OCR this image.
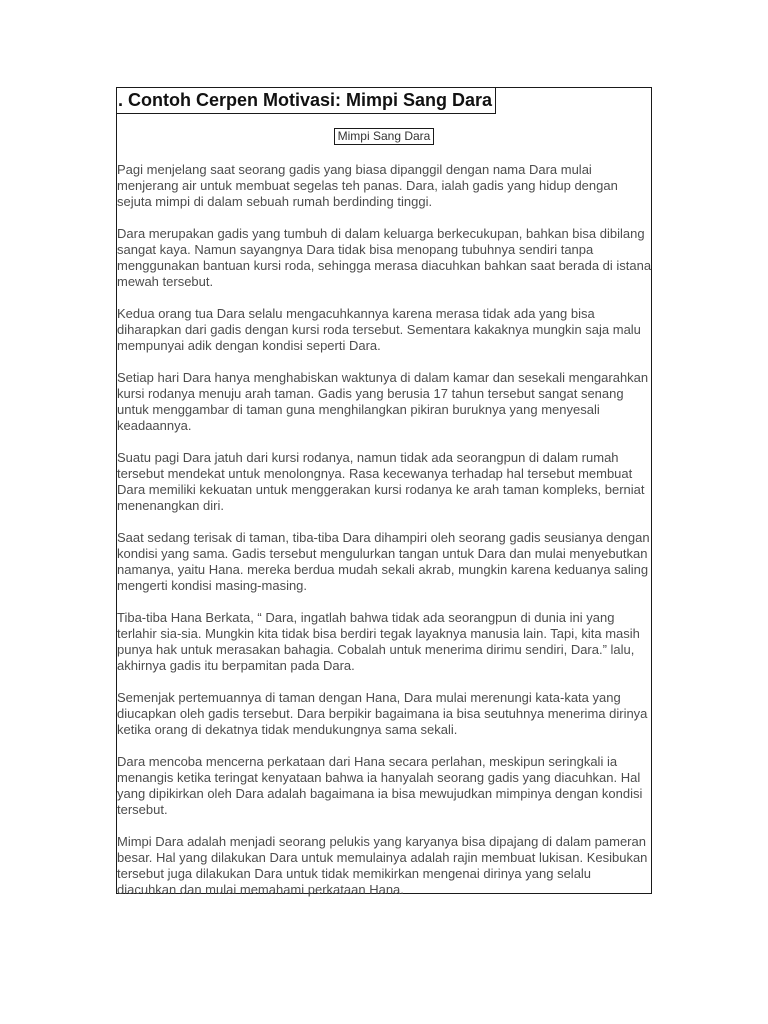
. Contoh Cerpen Motivasi: Mimpi Sang Dara
Mimpi Sang Dara

Pagi menjelang saat seorang gadis yang biasa dipanggil dengan nama Dara mulai menjerang air untuk membuat segelas teh panas. Dara, ialah gadis yang hidup dengan sejuta mimpi di dalam sebuah rumah berdinding tinggi.

Dara merupakan gadis yang tumbuh di dalam keluarga berkecukupan, bahkan bisa dibilang sangat kaya. Namun sayangnya Dara tidak bisa menopang tubuhnya sendiri tanpa menggunakan bantuan kursi roda, sehingga merasa diacuhkan bahkan saat berada di istana mewah tersebut.

Kedua orang tua Dara selalu mengacuhkannya karena merasa tidak ada yang bisa diharapkan dari gadis dengan kursi roda tersebut. Sementara kakaknya mungkin saja malu mempunyai adik dengan kondisi seperti Dara.

Setiap hari Dara hanya menghabiskan waktunya di dalam kamar dan sesekali mengarahkan kursi rodanya menuju arah taman. Gadis yang berusia 17 tahun tersebut sangat senang untuk menggambar di taman guna menghilangkan pikiran buruknya yang menyesali keadaannya.

Suatu pagi Dara jatuh dari kursi rodanya, namun tidak ada seorangpun di dalam rumah tersebut mendekat untuk menolongnya. Rasa kecewanya terhadap hal tersebut membuat Dara memiliki kekuatan untuk menggerakan kursi rodanya ke arah taman kompleks, berniat menenangkan diri.

Saat sedang terisak di taman, tiba-tiba Dara dihampiri oleh seorang gadis seusianya dengan kondisi yang sama. Gadis tersebut mengulurkan tangan untuk Dara dan mulai menyebutkan namanya, yaitu Hana. mereka berdua mudah sekali akrab, mungkin karena keduanya saling mengerti kondisi masing-masing.

Tiba-tiba Hana Berkata, “ Dara, ingatlah bahwa tidak ada seorangpun di dunia ini yang terlahir sia-sia. Mungkin kita tidak bisa berdiri tegak layaknya manusia lain. Tapi, kita masih punya hak untuk merasakan bahagia. Cobalah untuk menerima dirimu sendiri, Dara.” lalu, akhirnya gadis itu berpamitan pada Dara.

Semenjak pertemuannya di taman dengan Hana, Dara mulai merenungi kata-kata yang diucapkan oleh gadis tersebut. Dara berpikir bagaimana ia bisa seutuhnya menerima dirinya ketika orang di dekatnya tidak mendukungnya sama sekali.

Dara mencoba mencerna perkataan dari Hana secara perlahan, meskipun seringkali ia menangis ketika teringat kenyataan bahwa ia hanyalah seorang gadis yang diacuhkan. Hal yang dipikirkan oleh Dara adalah bagaimana ia bisa mewujudkan mimpinya dengan kondisi tersebut.

Mimpi Dara adalah menjadi seorang pelukis yang karyanya bisa dipajang di dalam pameran besar. Hal yang dilakukan Dara untuk memulainya adalah rajin membuat lukisan. Kesibukan tersebut juga dilakukan Dara untuk tidak memikirkan mengenai dirinya yang selalu diacuhkan dan mulai memahami perkataan Hana.
